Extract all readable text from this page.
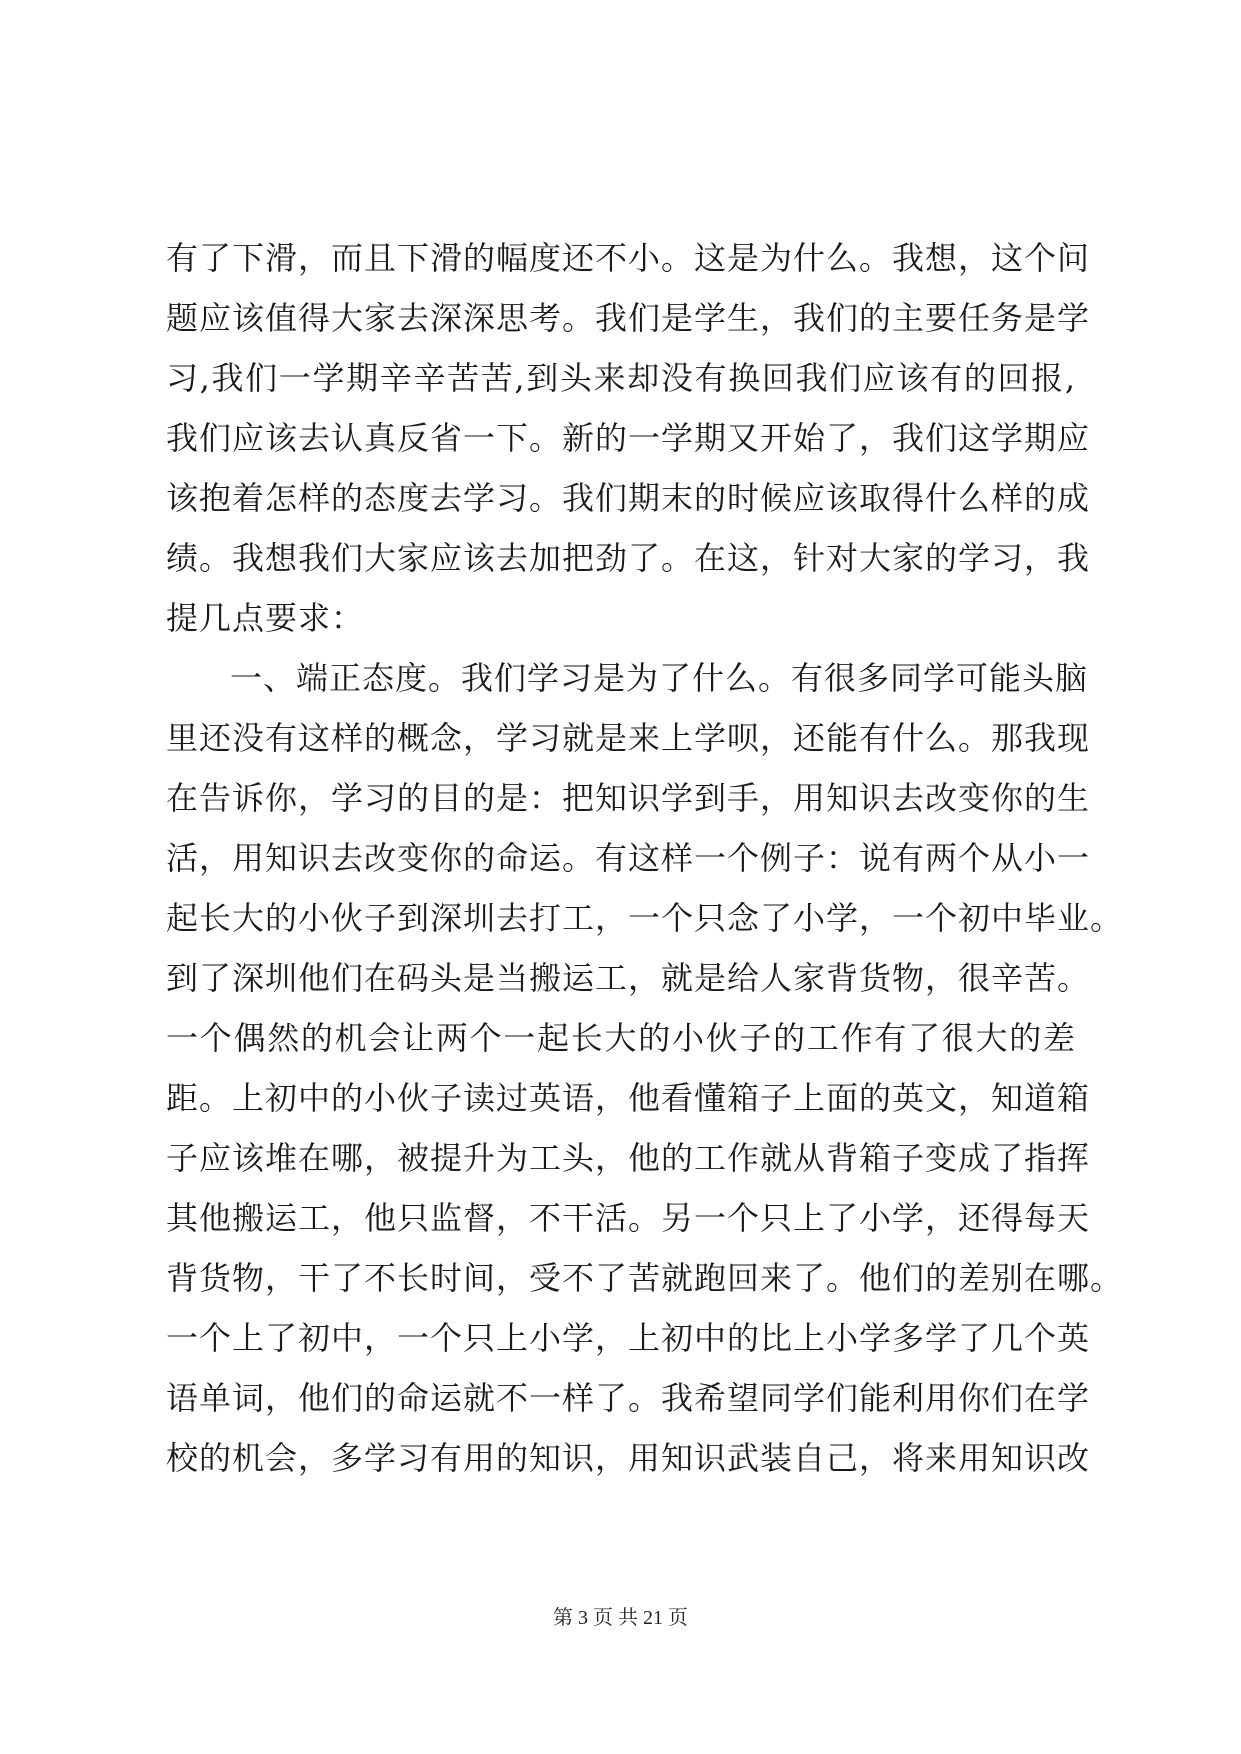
有了下滑，而且下滑的幅度还不小。这是为什么。我想，这个问
题应该值得大家去深深思考。我们是学生，我们的主要任务是学
习,我们一学期辛辛苦苦,到头来却没有换回我们应该有的回报,
我们应该去认真反省一下。新的一学期又开始了，我们这学期应
该抱着怎样的态度去学习。我们期末的时候应该取得什么样的成
绩。我想我们大家应该去加把劲了。在这，针对大家的学习，我
提几点要求：
一、端正态度。我们学习是为了什么。有很多同学可能头脑
里还没有这样的概念，学习就是来上学呗，还能有什么。那我现
在告诉你，学习的目的是：把知识学到手，用知识去改变你的生
活，用知识去改变你的命运。有这样一个例子：说有两个从小一
起长大的小伙子到深圳去打工，一个只念了小学，一个初中毕业。
到了深圳他们在码头是当搬运工，就是给人家背货物，很辛苦。
一个偶然的机会让两个一起长大的小伙子的工作有了很大的差
距。上初中的小伙子读过英语，他看懂箱子上面的英文，知道箱
子应该堆在哪，被提升为工头，他的工作就从背箱子变成了指挥
其他搬运工，他只监督，不干活。另一个只上了小学，还得每天
背货物，干了不长时间，受不了苦就跑回来了。他们的差别在哪。
一个上了初中，一个只上小学，上初中的比上小学多学了几个英
语单词，他们的命运就不一样了。我希望同学们能利用你们在学
校的机会，多学习有用的知识，用知识武装自己，将来用知识改
第 3 页 共 21 页
